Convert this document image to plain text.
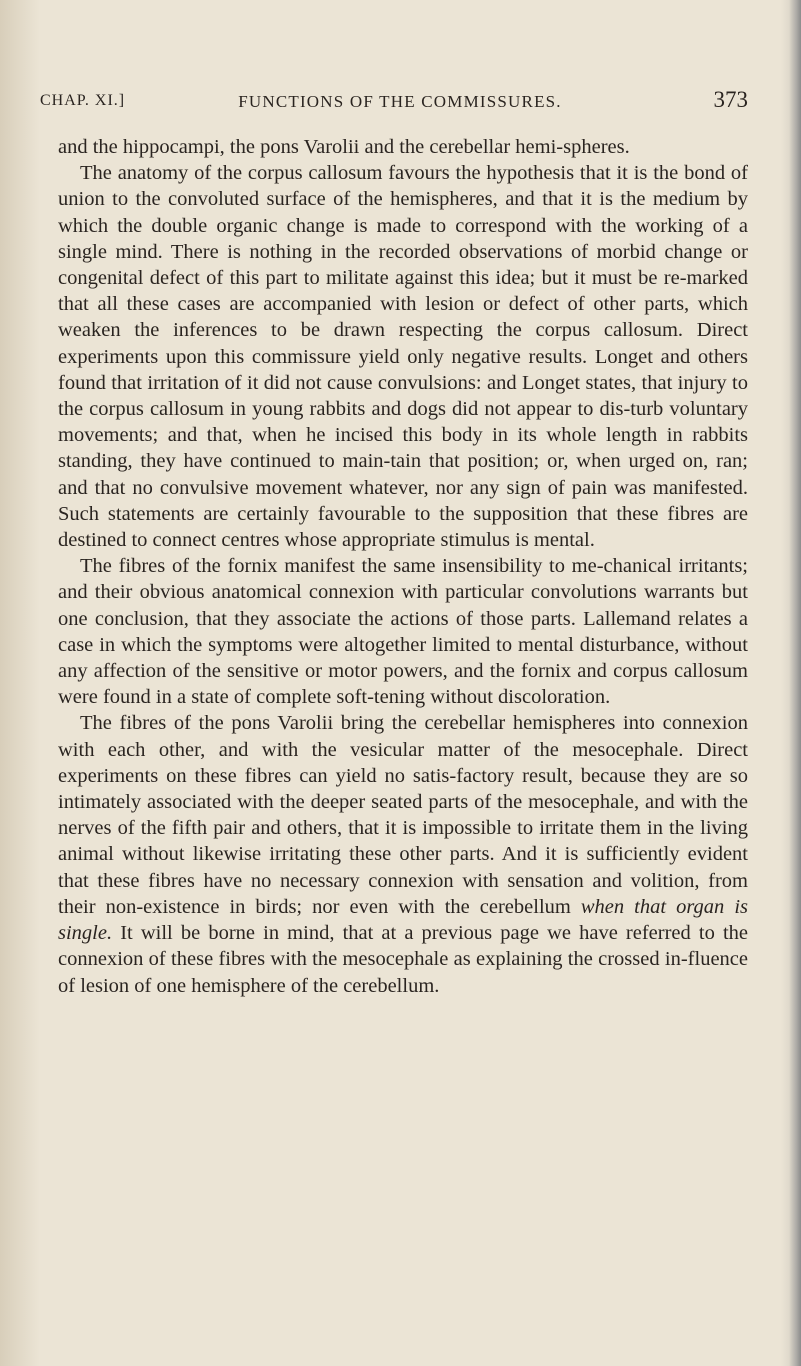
CHAP. XI.]	FUNCTIONS OF THE COMMISSURES.	373

and the hippocampi, the pons Varolii and the cerebellar hemi-spheres.

The anatomy of the corpus callosum favours the hypothesis that it is the bond of union to the convoluted surface of the hemispheres, and that it is the medium by which the double organic change is made to correspond with the working of a single mind. There is nothing in the recorded observations of morbid change or congenital defect of this part to militate against this idea; but it must be re-marked that all these cases are accompanied with lesion or defect of other parts, which weaken the inferences to be drawn respecting the corpus callosum. Direct experiments upon this commissure yield only negative results. Longet and others found that irritation of it did not cause convulsions: and Longet states, that injury to the corpus callosum in young rabbits and dogs did not appear to dis-turb voluntary movements; and that, when he incised this body in its whole length in rabbits standing, they have continued to main-tain that position; or, when urged on, ran; and that no convulsive movement whatever, nor any sign of pain was manifested. Such statements are certainly favourable to the supposition that these fibres are destined to connect centres whose appropriate stimulus is mental.

The fibres of the fornix manifest the same insensibility to me-chanical irritants; and their obvious anatomical connexion with particular convolutions warrants but one conclusion, that they associate the actions of those parts. Lallemand relates a case in which the symptoms were altogether limited to mental disturbance, without any affection of the sensitive or motor powers, and the fornix and corpus callosum were found in a state of complete soft-tening without discoloration.

The fibres of the pons Varolii bring the cerebellar hemispheres into connexion with each other, and with the vesicular matter of the mesocephale. Direct experiments on these fibres can yield no satis-factory result, because they are so intimately associated with the deeper seated parts of the mesocephale, and with the nerves of the fifth pair and others, that it is impossible to irritate them in the living animal without likewise irritating these other parts. And it is sufficiently evident that these fibres have no necessary connexion with sensation and volition, from their non-existence in birds; nor even with the cerebellum when that organ is single. It will be borne in mind, that at a previous page we have referred to the connexion of these fibres with the mesocephale as explaining the crossed in-fluence of lesion of one hemisphere of the cerebellum.
